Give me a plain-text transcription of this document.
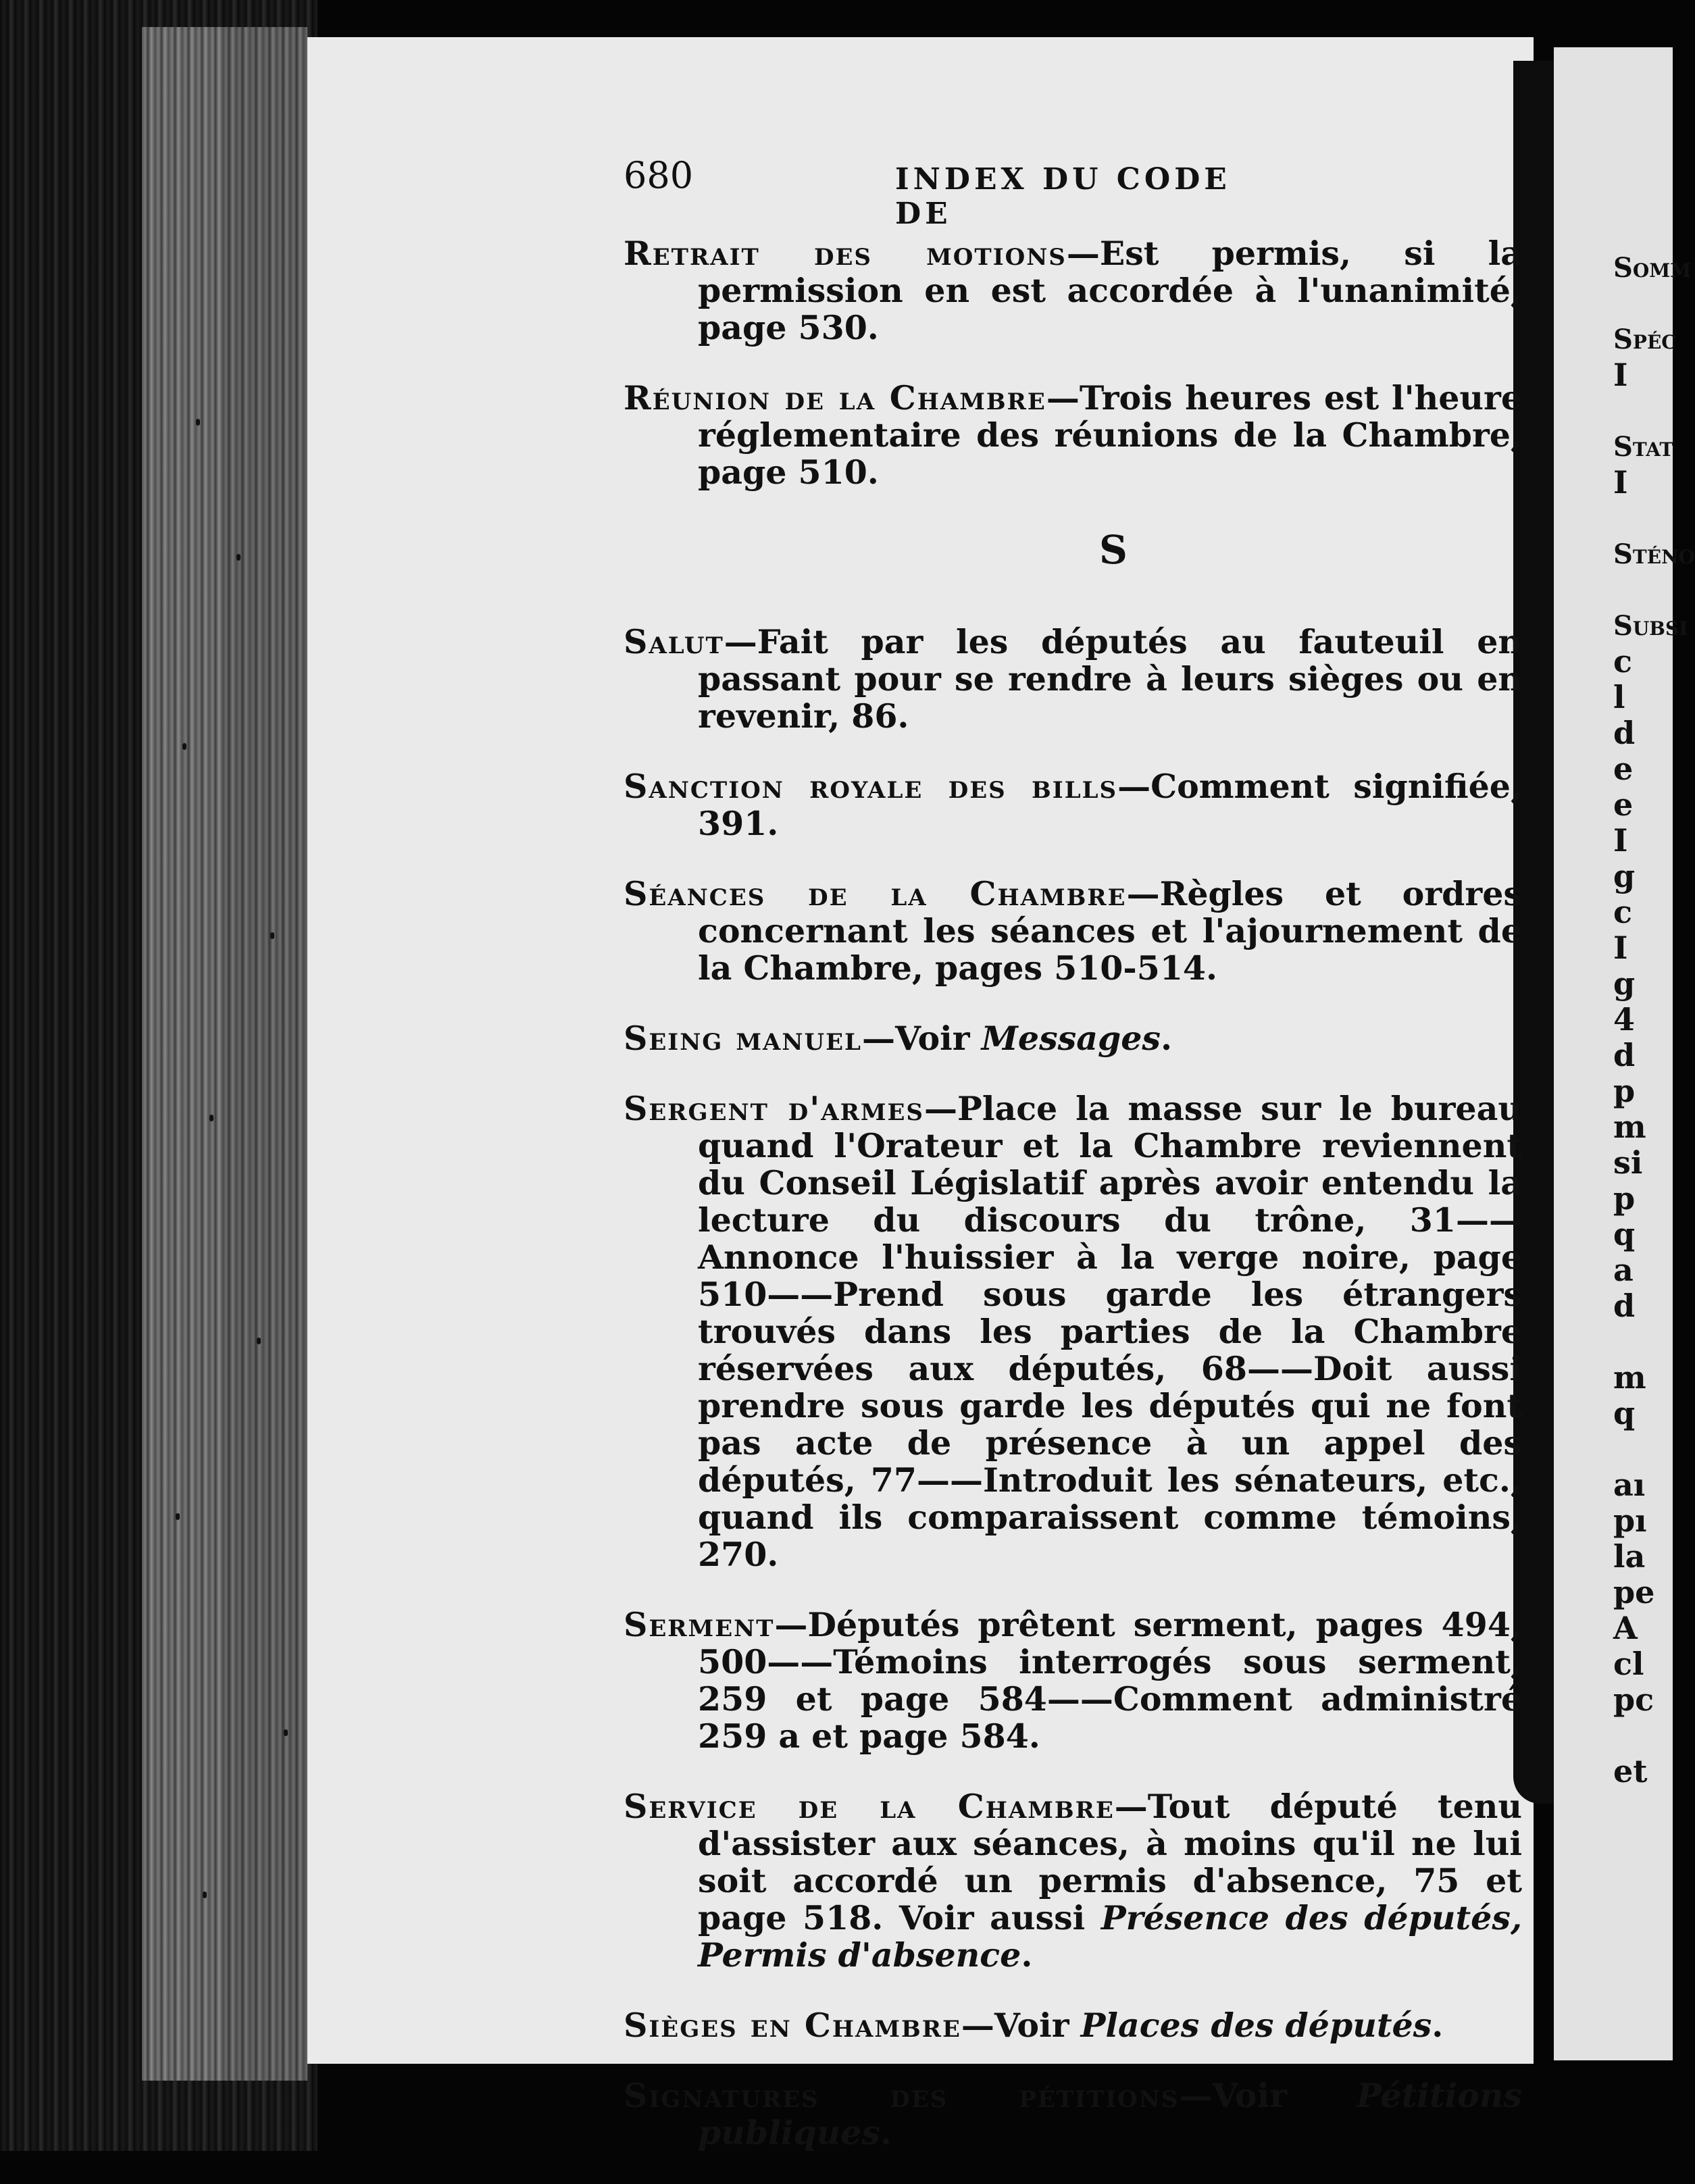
680	INDEX DU CODE DE

Retrait des motions—Est permis, si la permission en est accordée à l'unanimité, page 530.

Réunion de la Chambre—Trois heures est l'heure réglementaire des réunions de la Chambre, page 510.

S

Salut—Fait par les députés au fauteuil en passant pour se rendre à leurs sièges ou en revenir, 86.

Sanction royale des bills—Comment signifiée, 391.

Séances de la Chambre—Règles et ordres concernant les séances et l'ajournement de la Chambre, pages 510-514.

Seing manuel—Voir Messages.

Sergent d'armes—Place la masse sur le bureau quand l'Orateur et la Chambre reviennent du Conseil Législatif après avoir entendu la lecture du discours du trône, 31——Annonce l'huissier à la verge noire, page 510——Prend sous garde les étrangers trouvés dans les parties de la Chambre réservées aux députés, 68——Doit aussi prendre sous garde les députés qui ne font pas acte de présence à un appel des députés, 77——Introduit les sénateurs, etc., quand ils comparaissent comme témoins, 270.

Serment—Députés prêtent serment, pages 494, 500——Témoins interrogés sous serment, 259 et page 584——Comment administré 259 a et page 584.

Service de la Chambre—Tout député tenu d'assister aux séances, à moins qu'il ne lui soit accordé un permis d'absence, 75 et page 518. Voir aussi Présence des députés, Permis d'absence.

Sièges en Chambre—Voir Places des députés.

Signatures des pétitions—Voir Pétitions publiques.

Somm
Spéc
I
Stat
I
Sténo
Subsi
c
l
d
e
e
I
g
c
I
g
4
d
p
m
si
p
q
a
d
m
q
aı
pı
la
pe
A
cl
pc
et
